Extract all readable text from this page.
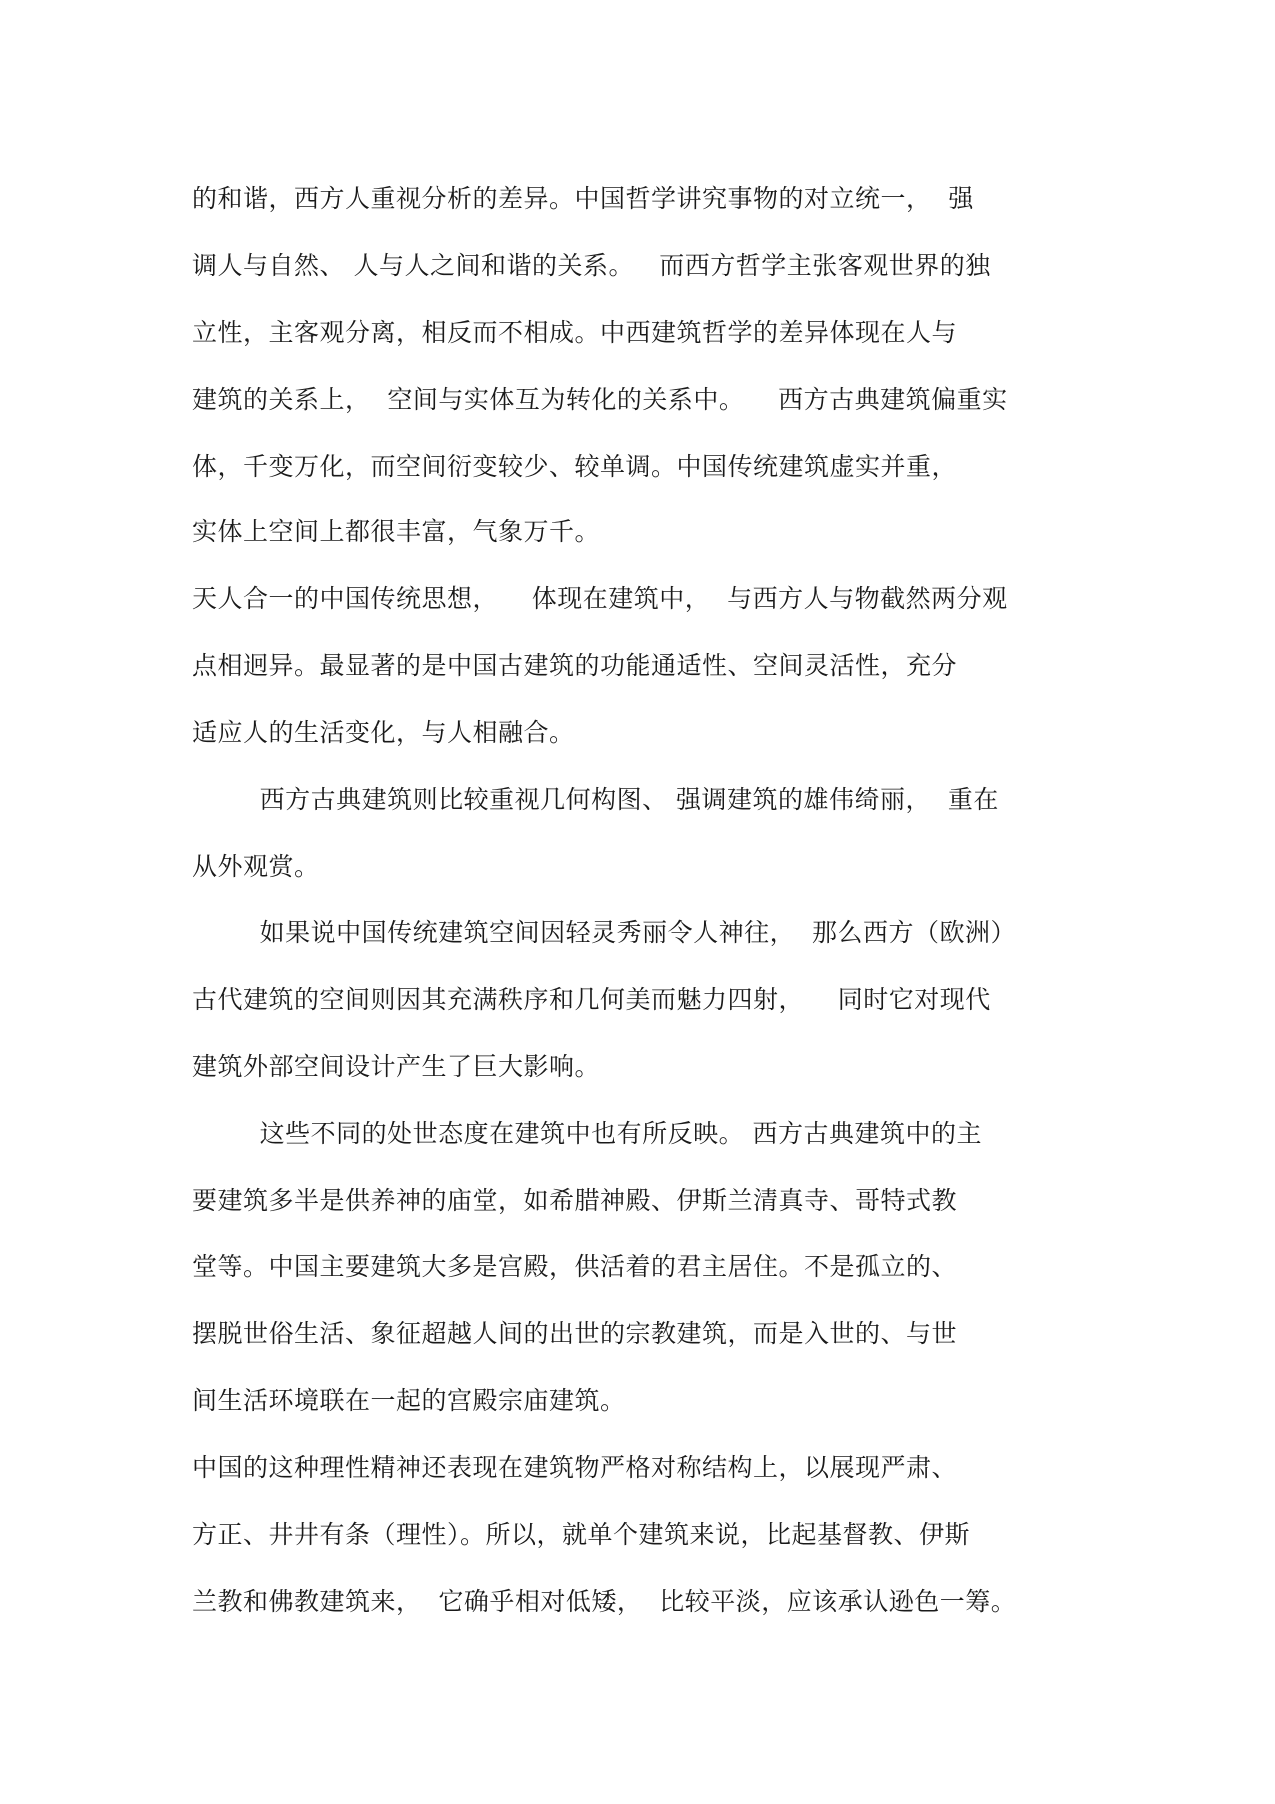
的和谐，西方人重视分析的差异。中国哲学讲究事物的对立统一，  强

调人与自然、 人与人之间和谐的关系。   而西方哲学主张客观世界的独

立性，主客观分离，相反而不相成。中西建筑哲学的差异体现在人与

建筑的关系上，  空间与实体互为转化的关系中。    西方古典建筑偏重实

体，千变万化，而空间衍变较少、较单调。中国传统建筑虚实并重，

实体上空间上都很丰富，气象万千。

天人合一的中国传统思想，    体现在建筑中，  与西方人与物截然两分观

点相迥异。最显著的是中国古建筑的功能通适性、空间灵活性，充分

适应人的生活变化，与人相融合。

西方古典建筑则比较重视几何构图、 强调建筑的雄伟绮丽，  重在

从外观赏。

如果说中国传统建筑空间因轻灵秀丽令人神往，  那么西方（欧洲）

古代建筑的空间则因其充满秩序和几何美而魅力四射，    同时它对现代

建筑外部空间设计产生了巨大影响。

这些不同的处世态度在建筑中也有所反映。 西方古典建筑中的主

要建筑多半是供养神的庙堂，如希腊神殿、伊斯兰清真寺、哥特式教

堂等。中国主要建筑大多是宫殿，供活着的君主居住。不是孤立的、

摆脱世俗生活、象征超越人间的出世的宗教建筑，而是入世的、与世

间生活环境联在一起的宫殿宗庙建筑。

中国的这种理性精神还表现在建筑物严格对称结构上，以展现严肃、

方正、井井有条（理性）。所以，就单个建筑来说，比起基督教、伊斯

兰教和佛教建筑来，  它确乎相对低矮，  比较平淡，应该承认逊色一筹。
